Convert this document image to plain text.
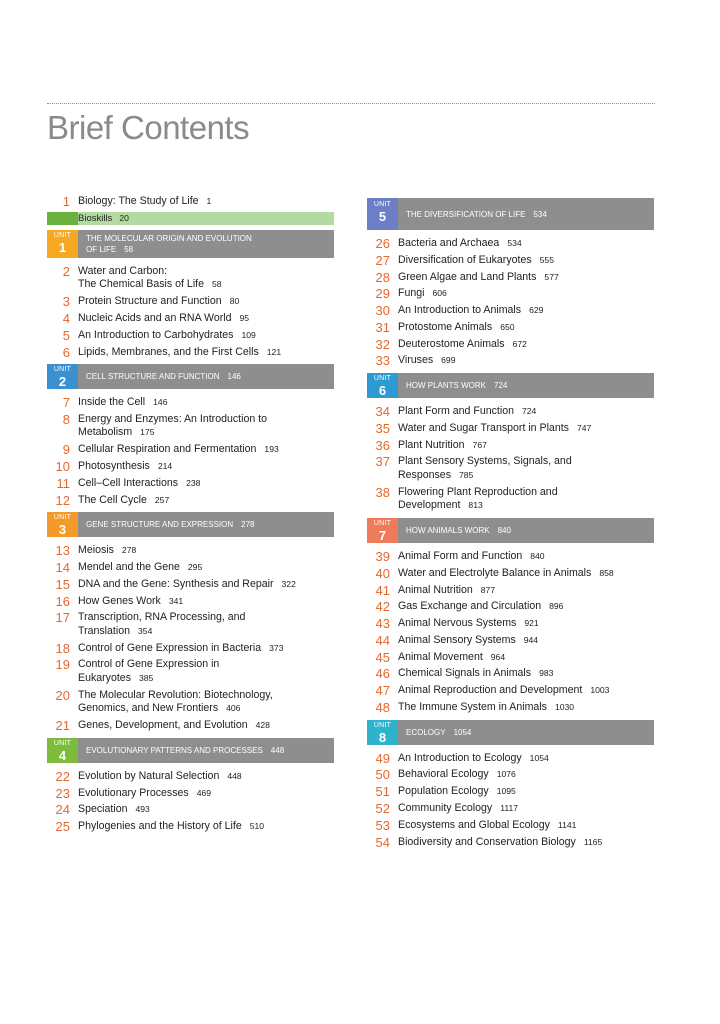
Brief Contents
1 Biology: The Study of Life 1
Bioskills 20
UNIT
1
THE MOLECULAR ORIGIN AND EVOLUTION
OF LIFE 58
2 Water and Carbon:
The Chemical Basis of Life 58
3 Protein Structure and Function 80
4 Nucleic Acids and an RNA World 95
5 An Introduction to Carbohydrates 109
6 Lipids, Membranes, and the First Cells 121
UNIT
2 CELL STRUCTURE AND FUNCTION 146
7 Inside the Cell 146
8 Energy and Enzymes: An Introduction to
Metabolism 175
9 Cellular Respiration and Fermentation 193
10 Photosynthesis 214
11 Cell–Cell Interactions 238
12 The Cell Cycle 257
UNIT
3 GENE STRUCTURE AND EXPRESSION 278
13 Meiosis 278
14 Mendel and the Gene 295
15 DNA and the Gene: Synthesis and Repair 322
16 How Genes Work 341
17 Transcription, RNA Processing, and
Translation 354
18 Control of Gene Expression in Bacteria 373
19 Control of Gene Expression in
Eukaryotes 385
20 The Molecular Revolution: Biotechnology,
Genomics, and New Frontiers 406
21 Genes, Development, and Evolution 428
UNIT
4 EVOLUTIONARY PATTERNS AND PROCESSES 448
22 Evolution by Natural Selection 448
23 Evolutionary Processes 469
24 Speciation 493
25 Phylogenies and the History of Life 510
UNIT
5 THE DIVERSIFICATION OF LIFE 534
26 Bacteria and Archaea 534
27 Diversification of Eukaryotes 555
28 Green Algae and Land Plants 577
29 Fungi 606
30 An Introduction to Animals 629
31 Protostome Animals 650
32 Deuterostome Animals 672
33 Viruses 699
UNIT
6 HOW PLANTS WORK 724
34 Plant Form and Function 724
35 Water and Sugar Transport in Plants 747
36 Plant Nutrition 767
37 Plant Sensory Systems, Signals, and
Responses 785
38 Flowering Plant Reproduction and
Development 813
UNIT
7 HOW ANIMALS WORK 840
39 Animal Form and Function 840
40 Water and Electrolyte Balance in Animals 858
41 Animal Nutrition 877
42 Gas Exchange and Circulation 896
43 Animal Nervous Systems 921
44 Animal Sensory Systems 944
45 Animal Movement 964
46 Chemical Signals in Animals 983
47 Animal Reproduction and Development 1003
48 The Immune System in Animals 1030
UNIT
8 ECOLOGY 1054
49 An Introduction to Ecology 1054
50 Behavioral Ecology 1076
51 Population Ecology 1095
52 Community Ecology 1117
53 Ecosystems and Global Ecology 1141
54 Biodiversity and Conservation Biology 1165
